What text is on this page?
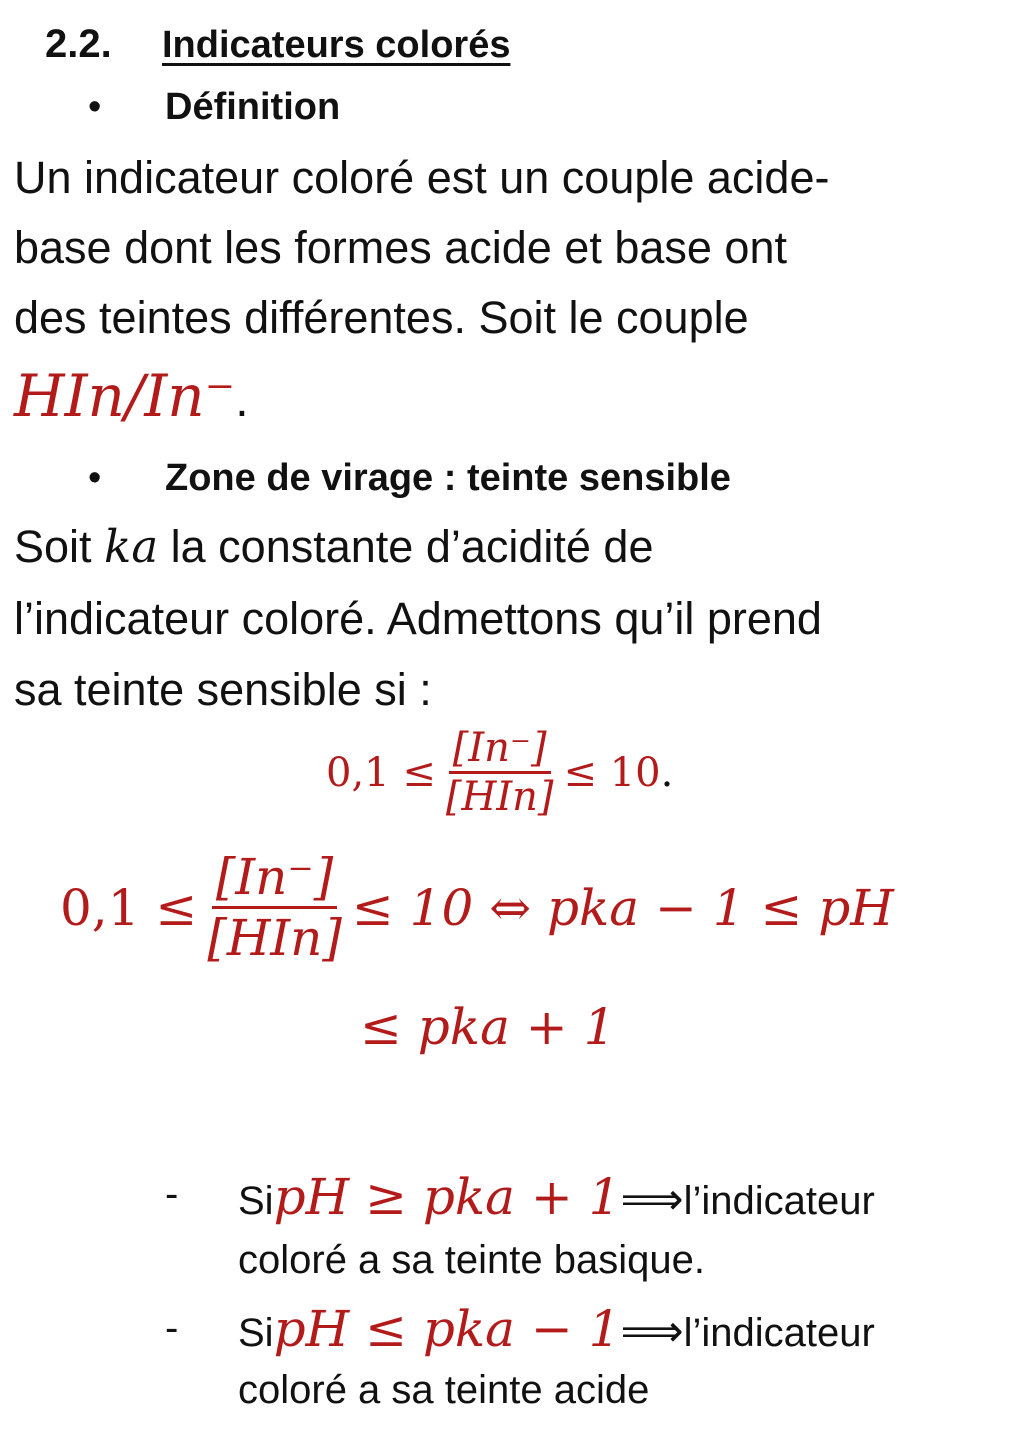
2.2. Indicateurs colorés
• Définition
Un indicateur coloré est un couple acide-
base dont les formes acide et base ont
des teintes différentes. Soit le couple
HIn/In⁻.
• Zone de virage : teinte sensible
Soit ka la constante d’acidité de
l’indicateur coloré. Admettons qu’il prend
sa teinte sensible si :
$0,1 \le \frac{[In^-]}{\text{[HIn]}} \le 10$ .
$0,1 \le \frac{[In^-]}{\text{[HIn]}} \le 10$ ⇔ pka − 1 ≤ pH
≤ pka + 1
- Si pH ≥ pka + 1 ⟹ l’indicateur
coloré a sa teinte basique.
- Si pH ≤ pka − 1 ⟹ l’indicateur
coloré a sa teinte acide
